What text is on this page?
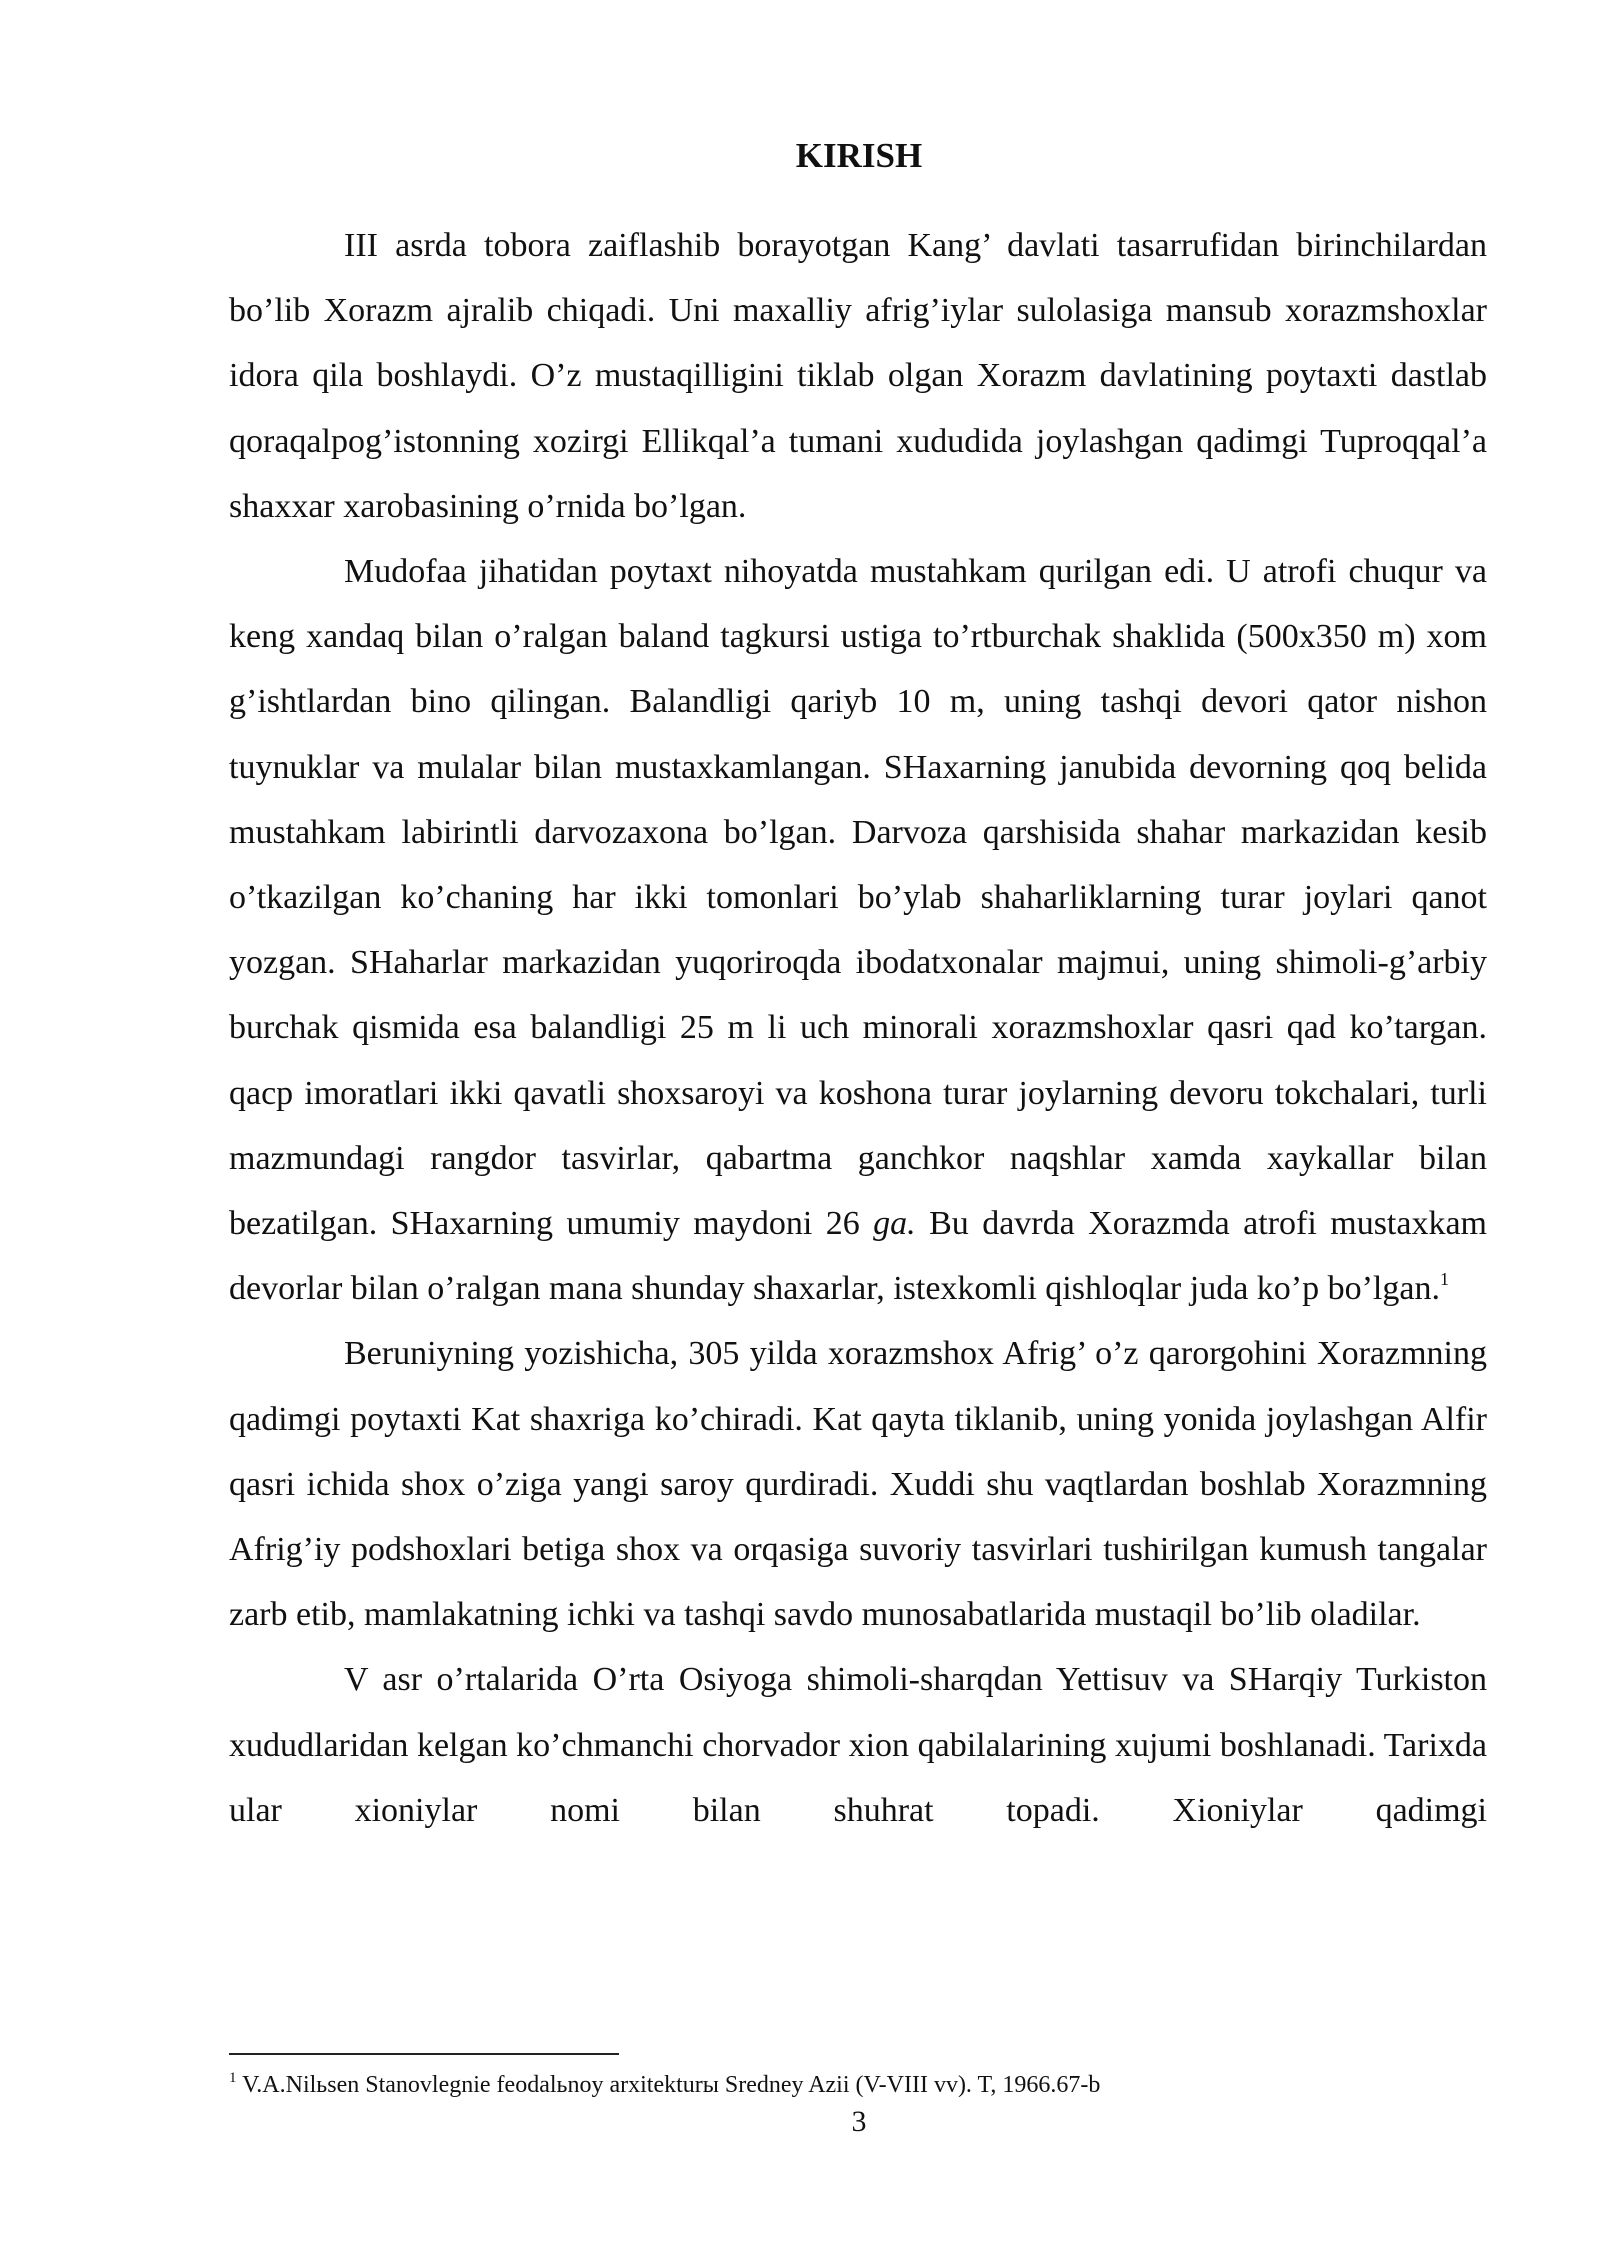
KIRISH

III asrda tobora zaiflashib borayotgan Kang’ davlati tasarrufidan birinchilardan bo’lib Xorazm ajralib chiqadi. Uni maxalliy afrig’iylar sulolasiga mansub xorazmshoxlar idora qila boshlaydi. O’z mustaqilligini tiklab olgan Xorazm davlatining poytaxti dastlab qoraqalpog’istonning xozirgi Ellikqal’a tumani xududida joylashgan qadimgi Tuproqqal’a shaxxar xarobasining o’rnida bo’lgan.

Mudofaa jihatidan poytaxt nihoyatda mustahkam qurilgan edi. U atrofi chuqur va keng xandaq bilan o’ralgan baland tagkursi ustiga to’rtburchak shaklida (500x350 m) xom g’ishtlardan bino qilingan. Balandligi qariyb 10 m, uning tashqi devori qator nishon tuynuklar va mulalar bilan mustaxkamlangan. SHaxarning janubida devorning qoq belida mustahkam labirintli darvozaxona bo’lgan. Darvoza qarshisida shahar markazidan kesib o’tkazilgan ko’chaning har ikki tomonlari bo’ylab shaharliklarning turar joylari qanot yozgan. SHaharlar markazidan yuqoriroqda ibodatxonalar majmui, uning shimoli-g’arbiy burchak qismida esa balandligi 25 m li uch minorali xorazmshoxlar qasri qad ko’targan. qacp imoratlari ikki qavatli shoxsaroyi va koshona turar joylarning devoru tokchalari, turli mazmundagi rangdor tasvirlar, qabartma ganchkor naqshlar xamda xaykallar bilan bezatilgan. SHaxarning umumiy maydoni 26 ga. Bu davrda Xorazmda atrofi mustaxkam devorlar bilan o’ralgan mana shunday shaxarlar, istexkomli qishloqlar juda ko’p bo’lgan.$^1$

Beruniyning yozishicha, 305 yilda xorazmshox Afrig’ o’z qarorgohini Xorazmning qadimgi poytaxti Kat shaxriga ko’chiradi. Kat qayta tiklanib, uning yonida joylashgan Alfir qasri ichida shox o’ziga yangi saroy qurdiradi. Xuddi shu vaqtlardan boshlab Xorazmning Afrig’iy podshoxlari betiga shox va orqasiga suvoriy tasvirlari tushirilgan kumush tangalar zarb etib, mamlakatning ichki va tashqi savdo munosabatlarida mustaqil bo’lib oladilar.

V asr o’rtalarida O’rta Osiyoga shimoli-sharqdan Yettisuv va SHarqiy Turkiston xududlaridan kelgan ko’chmanchi chorvador xion qabilalarining xujumi boshlanadi. Tarixda ular xioniylar nomi bilan shuhrat topadi. Xioniylar qadimgi

$^1$ V.A.Nilьsen Stanovlegnie feodalьnoy arxitekturы Sredney Azii (V-VIII vv). T, 1966.67-b
3
